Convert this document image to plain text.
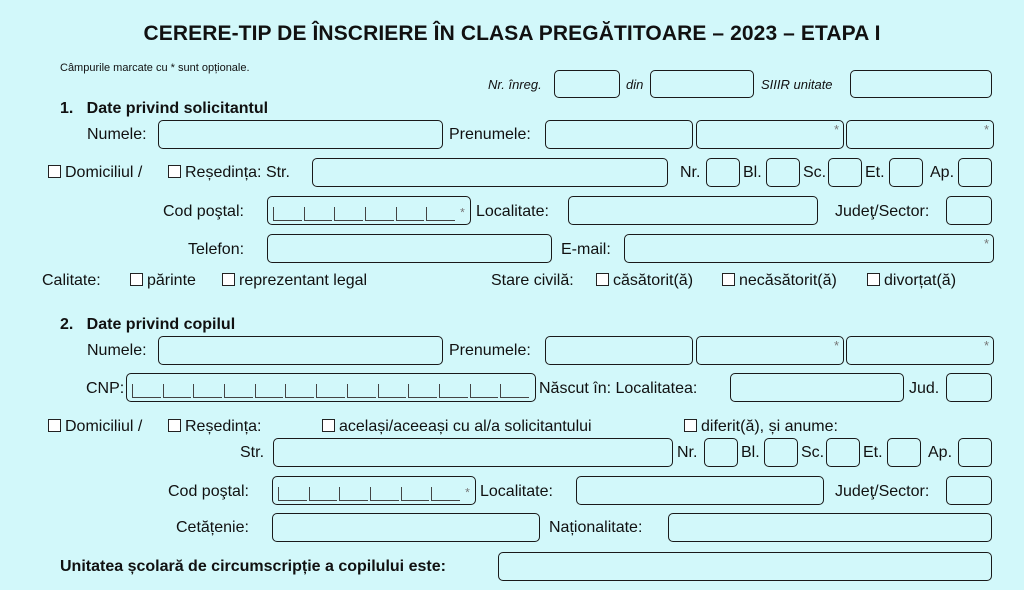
CERERE-TIP DE ÎNSCRIERE ÎN CLASA PREGĂTITOARE – 2023 – ETAPA I
Câmpurile marcate cu * sunt opționale.
Nr. înreg.	din	SIIIR unitate
1.   Date privind solicitantul
Numele:	Prenumele:
*
*
Domiciliul /	Reședința: Str.	Nr.	Bl.	Sc. Et.	Ap.
Cod poştal:	* Localitate:	Judeţ/Sector:
Telefon:	E-mail:
*
Calitate:	părinte	reprezentant legal	Stare civilă:	căsătorit(ă)	necăsătorit(ă)	divorțat(ă)
2.   Date privind copilul
Numele:	Prenumele:
*
*
CNP:	Născut în: Localitatea:	Jud.
Domiciliul /	Reședința:	același/aceeași cu al/a solicitantului	diferit(ă), și anume:
Str.	Nr.	Bl.	Sc. Et.	Ap.
Cod poştal:	* Localitate:	Judeţ/Sector:
Cetățenie:	Naționalitate:
Unitatea școlară de circumscripție a copilului este:
